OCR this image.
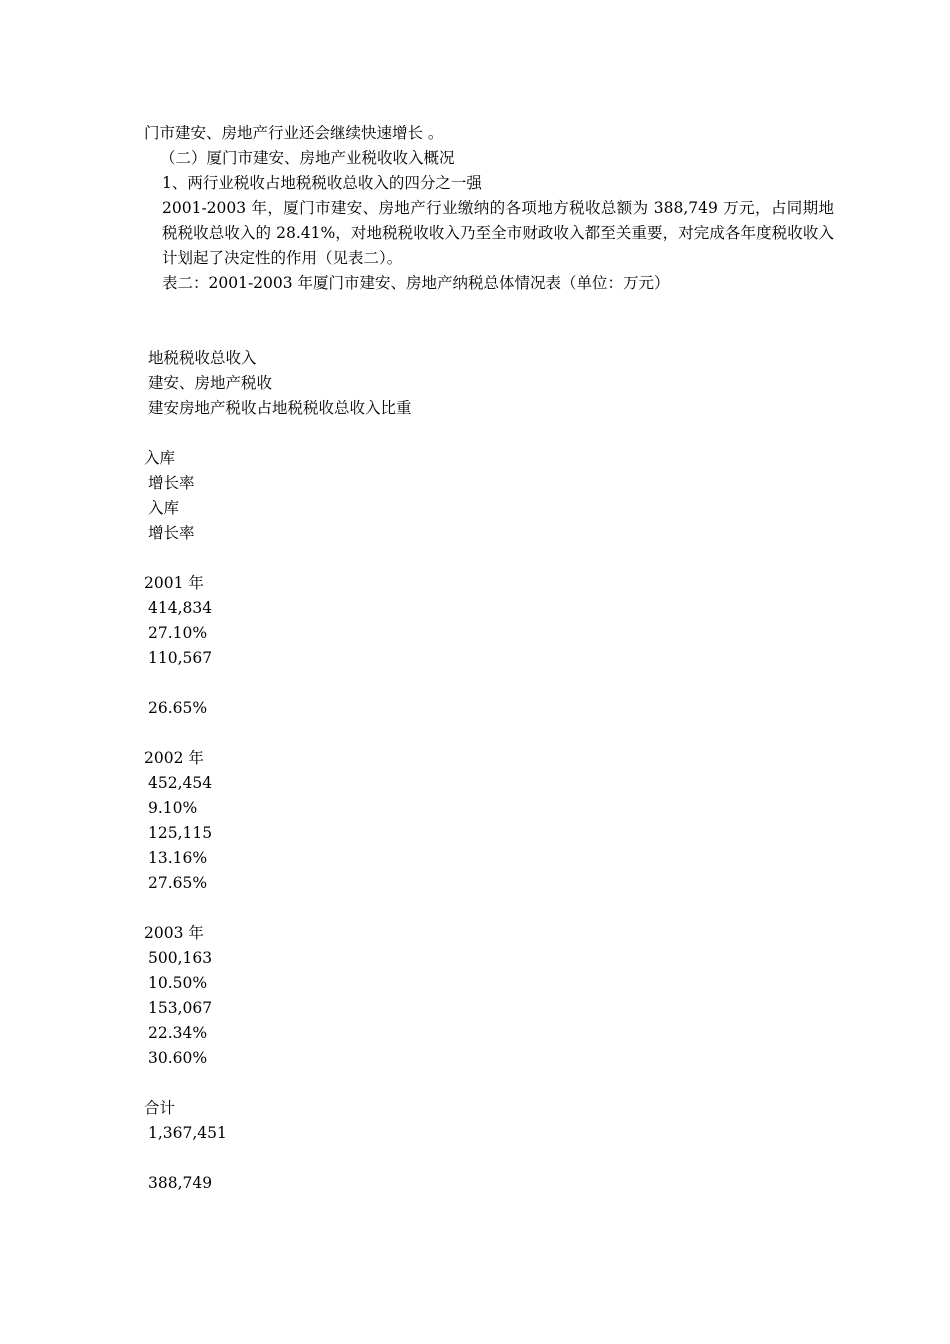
门市建安、房地产行业还会继续快速增长 。
（二）厦门市建安、房地产业税收收入概况
1、两行业税收占地税税收总收入的四分之一强
2001-2003 年，厦门市建安、房地产行业缴纳的各项地方税收总额为 388,749 万元，占同期地税税收总收入的 28.41%，对地税税收收入乃至全市财政收入都至关重要，对完成各年度税收收入计划起了决定性的作用（见表二）。
表二：2001-2003 年厦门市建安、房地产纳税总体情况表（单位：万元）
地税税收总收入
建安、房地产税收
建安房地产税收占地税税收总收入比重
入库
增长率
入库
增长率
2001 年
414,834
27.10%
110,567
26.65%
2002 年
452,454
9.10%
125,115
13.16%
27.65%
2003 年
500,163
10.50%
153,067
22.34%
30.60%
合计
1,367,451
388,749
